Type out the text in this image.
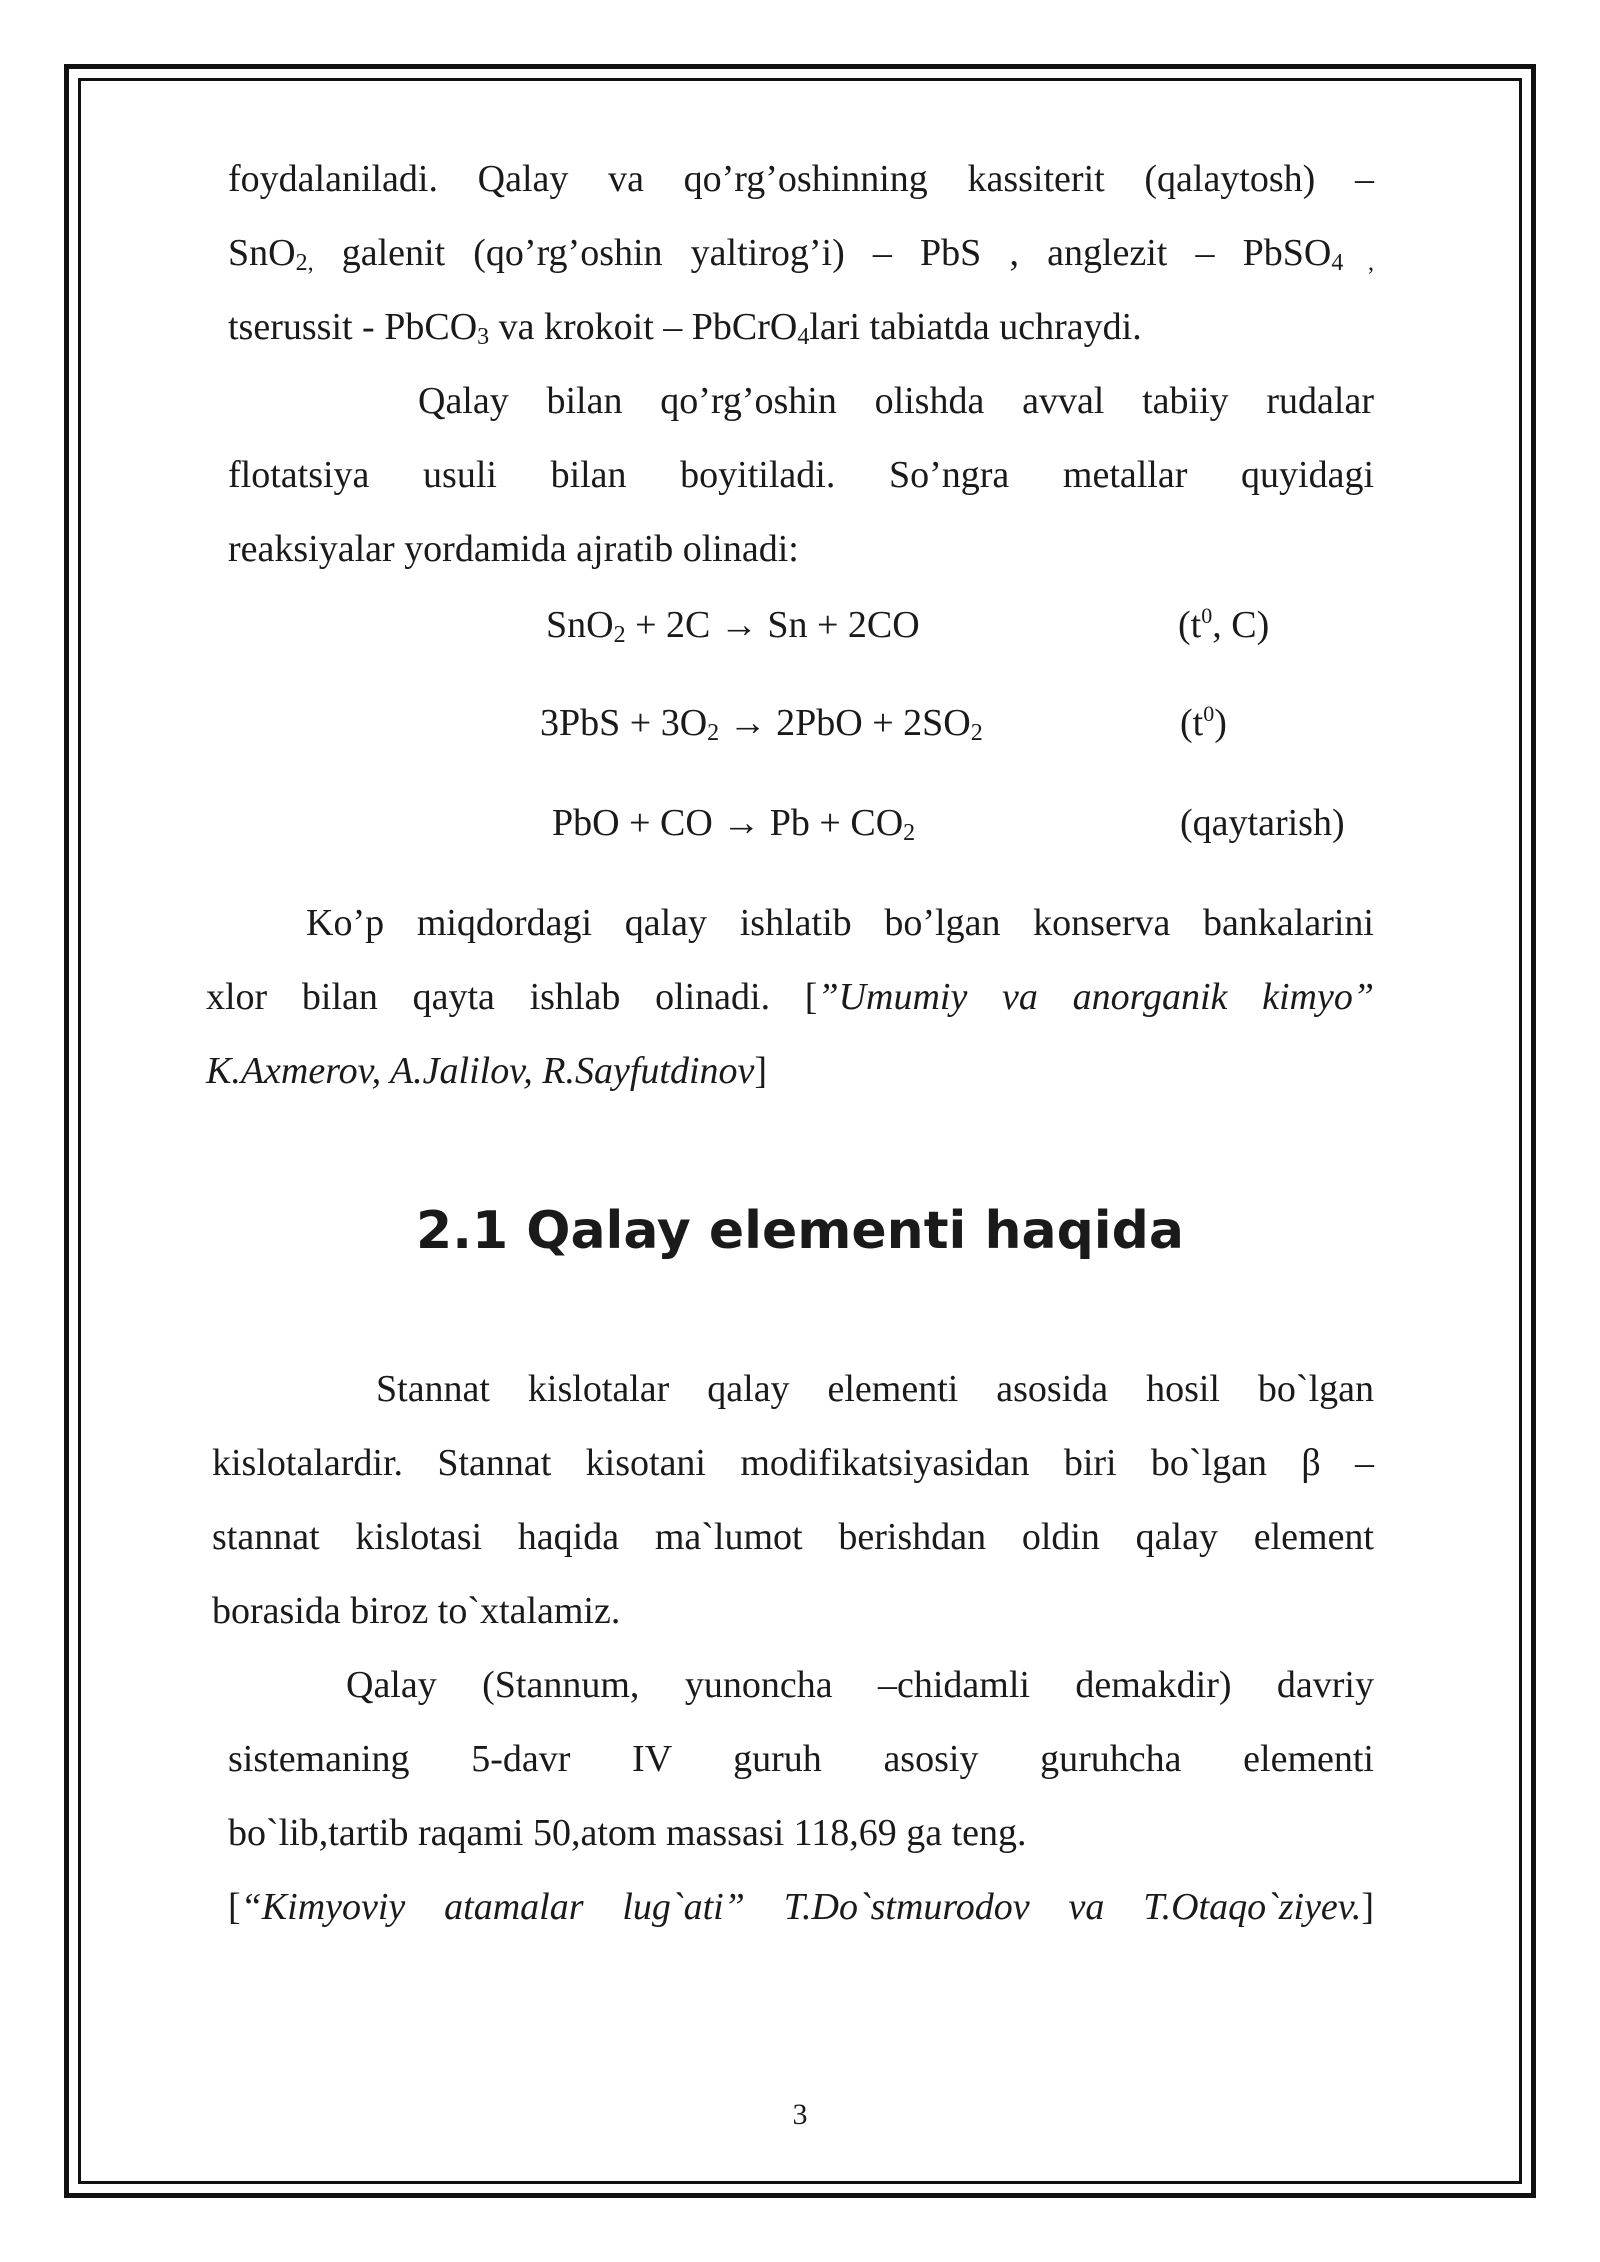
foydalaniladi. Qalay va qo’rg’oshinning kassiterit (qalaytosh) –
SnO$_{2,}$ galenit (qo’rg’oshin yaltirog’i) – PbS , anglezit – PbSO$_{4 ,}$
tserussit - PbCO$_3$ va krokoit – PbCrO$_4$lari tabiatda uchraydi.
Qalay bilan qo’rg’oshin olishda avval tabiiy rudalar
flotatsiya usuli bilan boyitiladi. So’ngra metallar quyidagi
reaksiyalar yordamida ajratib olinadi:
SnO$_2$ + 2C → Sn + 2CO	($t^0$, C)
$3PbS + 3O_2 \to 2PbO + 2SO_2$	$(t^0)$
PbO + CO → $Pb + CO_2$	(qaytarish)
Ko’p miqdordagi qalay ishlatib bo’lgan konserva bankalarini
xlor bilan qayta ishlab olinadi. [”Umumiy va anorganik kimyo”
K.Axmerov, A.Jalilov, R.Sayfutdinov]
2.1 Qalay elementi haqida
Stannat kislotalar qalay elementi asosida hosil bo`lgan
kislotalardir. Stannat kisotani modifikatsiyasidan biri bo`lgan β –
stannat kislotasi haqida ma`lumot berishdan oldin qalay element
borasida biroz to`xtalamiz.
Qalay (Stannum, yunoncha –chidamli demakdir) davriy
sistemaning 5-davr IV guruh asosiy guruhcha elementi
bo`lib,tartib raqami 50,atom massasi 118,69 ga teng.
[“Kimyoviy atamalar lug`ati” T.Do`stmurodov va T.Otaqo`ziyev.]
3
